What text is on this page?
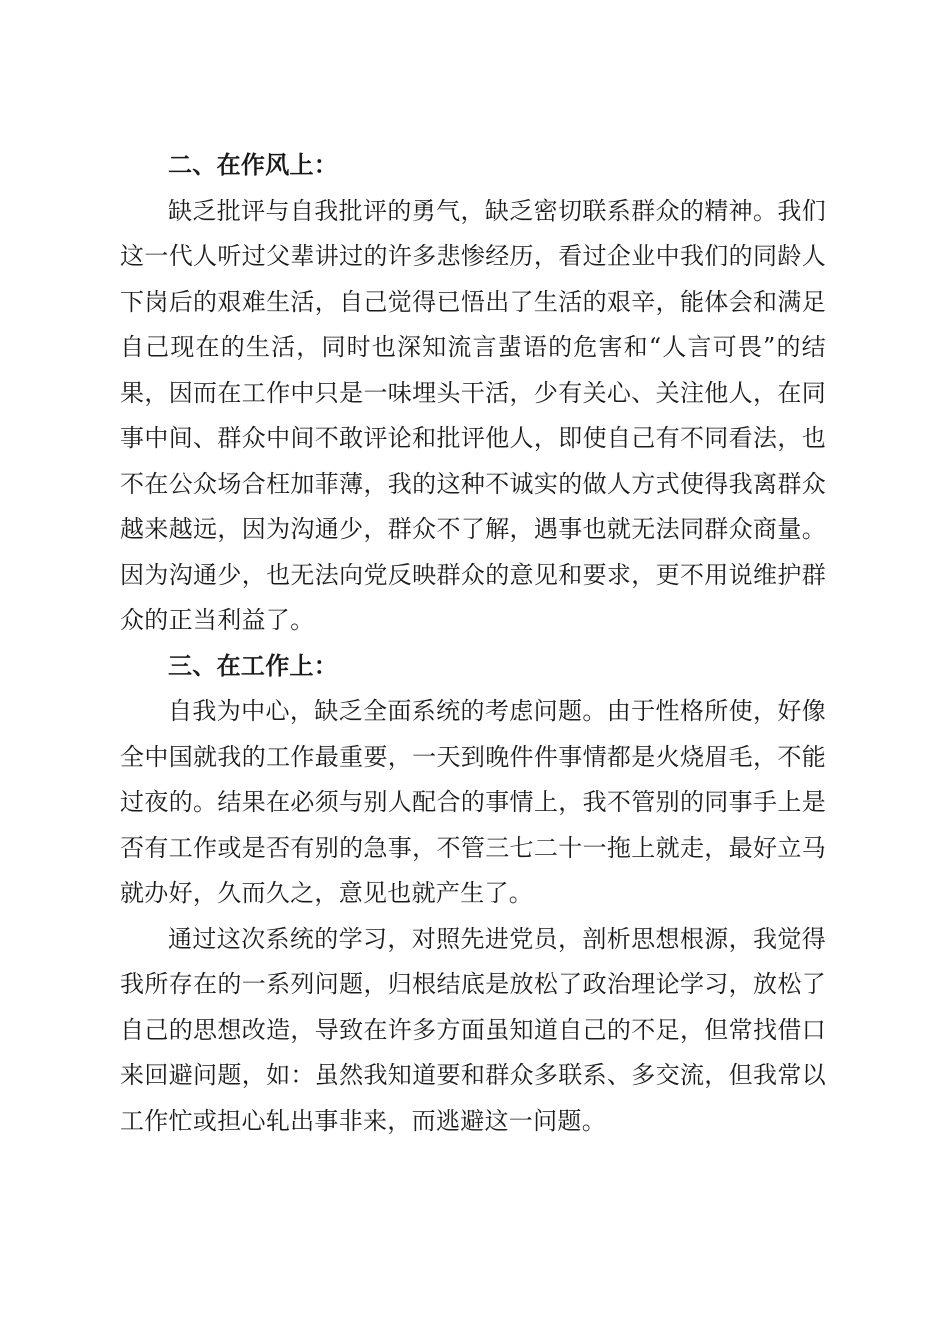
二、在作风上：

缺乏批评与自我批评的勇气，缺乏密切联系群众的精神。我们这一代人听过父辈讲过的许多悲惨经历，看过企业中我们的同龄人下岗后的艰难生活，自己觉得已悟出了生活的艰辛，能体会和满足自己现在的生活，同时也深知流言蜚语的危害和“人言可畏”的结果，因而在工作中只是一味埋头干活，少有关心、关注他人，在同事中间、群众中间不敢评论和批评他人，即使自己有不同看法，也不在公众场合枉加菲薄，我的这种不诚实的做人方式使得我离群众越来越远，因为沟通少，群众不了解，遇事也就无法同群众商量。因为沟通少，也无法向党反映群众的意见和要求，更不用说维护群众的正当利益了。

三、在工作上：

自我为中心，缺乏全面系统的考虑问题。由于性格所使，好像全中国就我的工作最重要，一天到晚件件事情都是火烧眉毛，不能过夜的。结果在必须与别人配合的事情上，我不管别的同事手上是否有工作或是否有别的急事，不管三七二十一拖上就走，最好立马就办好，久而久之，意见也就产生了。

通过这次系统的学习，对照先进党员，剖析思想根源，我觉得我所存在的一系列问题，归根结底是放松了政治理论学习，放松了自己的思想改造，导致在许多方面虽知道自己的不足，但常找借口来回避问题，如：虽然我知道要和群众多联系、多交流，但我常以工作忙或担心轧出事非来，而逃避这一问题。
